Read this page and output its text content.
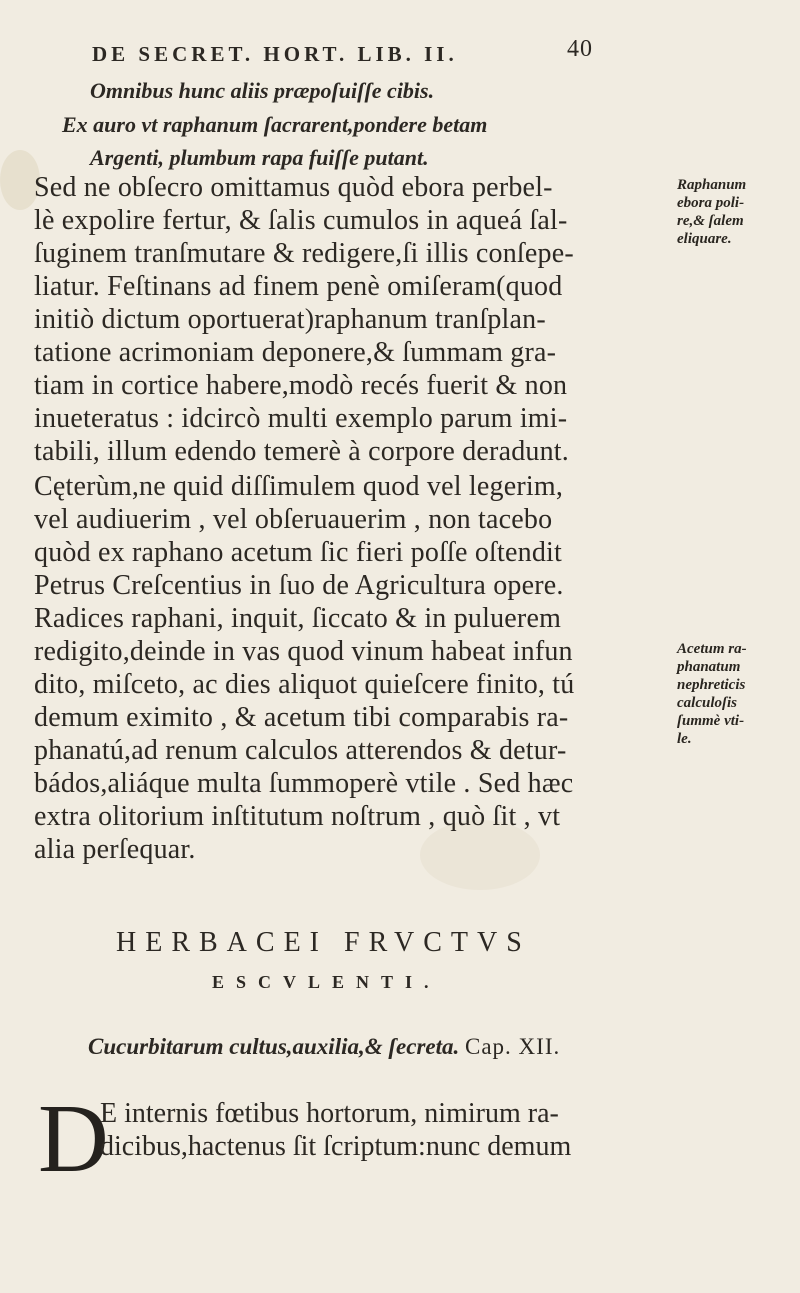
DE SECRET. HORT. LIB. II.	40
Omnibus hunc aliis præpoſuiſſe cibis.
Ex auro vt raphanum ſacrarent,pondere betam
Argenti, plumbum rapa fuiſſe putant.
Sed ne obſecro omittamus quòd ebora perbel-
lè expolire fertur, & ſalis cumulos in aqueá ſal-
ſuginem tranſmutare & redigere,ſi illis conſepe-
liatur. Feſtinans ad finem penè omiſeram(quod
initiò dictum oportuerat)raphanum tranſplan-
tatione acrimoniam deponere,& ſummam gra-
tiam in cortice habere,modò recés fuerit & non
inueteratus : idcircò multi exemplo parum imi-
tabili, illum edendo temerè à corpore deradunt.
Cęterùm,ne quid diſſimulem quod vel legerim,
vel audiuerim , vel obſeruauerim , non tacebo
quòd ex raphano acetum ſic fieri poſſe oſtendit
Petrus Creſcentius in ſuo de Agricultura opere.
Radices raphani, inquit, ſiccato & in puluerem
redigito,deinde in vas quod vinum habeat infun
dito, miſceto, ac dies aliquot quieſcere finito, tú
demum eximito , & acetum tibi comparabis ra-
phanatú,ad renum calculos atterendos & detur-
bádos,aliáque multa ſummoperè vtile . Sed hæc
extra olitorium inſtitutum noſtrum , quò ſit , vt
alia perſequar.
Raphanum
ebora poli-
re,& ſalem
eliquare.
Acetum ra-
phanatum
nephreticis
calculoſis
ſummè vti-
le.
HERBACEI FRVCTVS
ESCVLENTI.
Cucurbitarum cultus,auxilia,& ſecreta. Cap. XII.
D
E internis fœtibus hortorum, nimirum ra-
dicibus,hactenus ſit ſcriptum:nunc demum
